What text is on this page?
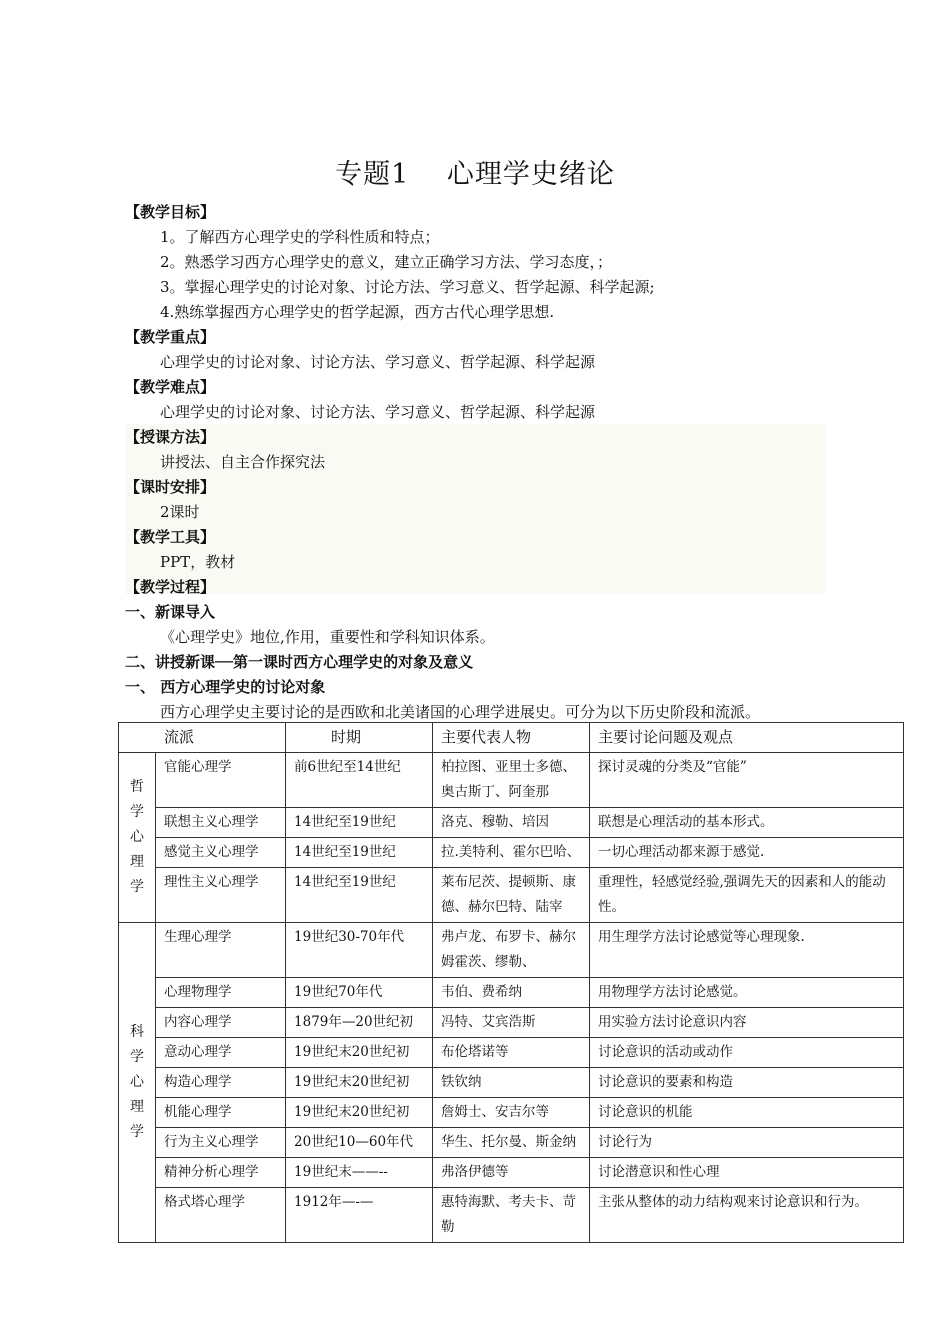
专题1　 心理学史绪论
【教学目标】
1。了解西方心理学史的学科性质和特点；
2。熟悉学习西方心理学史的意义，建立正确学习方法、学习态度，；
3。掌握心理学史的讨论对象、讨论方法、学习意义、哲学起源、科学起源;
4.熟练掌握西方心理学史的哲学起源，西方古代心理学思想.
【教学重点】
心理学史的讨论对象、讨论方法、学习意义、哲学起源、科学起源
【教学难点】
心理学史的讨论对象、讨论方法、学习意义、哲学起源、科学起源
【授课方法】
讲授法、自主合作探究法
【课时安排】
2课时
【教学工具】
PPT，教材
【教学过程】
一、新课导入
《心理学史》地位,作用，重要性和学科知识体系。
二、讲授新课──第一课时西方心理学史的对象及意义
一、 西方心理学史的讨论对象
西方心理学史主要讨论的是西欧和北美诸国的心理学进展史。可分为以下历史阶段和流派。
流派		时期	主要代表人物	主要讨论问题及观点

哲学心理学	官能心理学	前6世纪至14世纪	柏拉图、亚里士多德、奥古斯丁、阿奎那	探讨灵魂的分类及“官能”
	联想主义心理学	14世纪至19世纪	洛克、穆勒、培因	联想是心理活动的基本形式。
	感觉主义心理学	14世纪至19世纪	拉.美特利、霍尔巴哈、	一切心理活动都来源于感觉.
	理性主义心理学	14世纪至19世纪	莱布尼茨、提顿斯、康德、赫尔巴特、陆宰	重理性，轻感觉经验,强调先天的因素和人的能动性。

科学心理学	生理心理学	19世纪30-70年代	弗卢龙、布罗卡、赫尔姆霍茨、缪勒、	用生理学方法讨论感觉等心理现象.
	心理物理学	19世纪70年代	韦伯、费希纳	用物理学方法讨论感觉。
	内容心理学	1879年—20世纪初	冯特、艾宾浩斯	用实验方法讨论意识内容
	意动心理学	19世纪末20世纪初	布伦塔诺等	讨论意识的活动或动作
	构造心理学	19世纪末20世纪初	铁钦纳	讨论意识的要素和构造
	机能心理学	19世纪末20世纪初	詹姆士、安吉尔等	讨论意识的机能
	行为主义心理学	20世纪10—60年代	华生、托尔曼、斯金纳	讨论行为
	精神分析心理学	19世纪末——--	弗洛伊德等	讨论潜意识和性心理
	格式塔心理学	1912年—-—	惠特海默、考夫卡、苛勒	主张从整体的动力结构观来讨论意识和行为。
